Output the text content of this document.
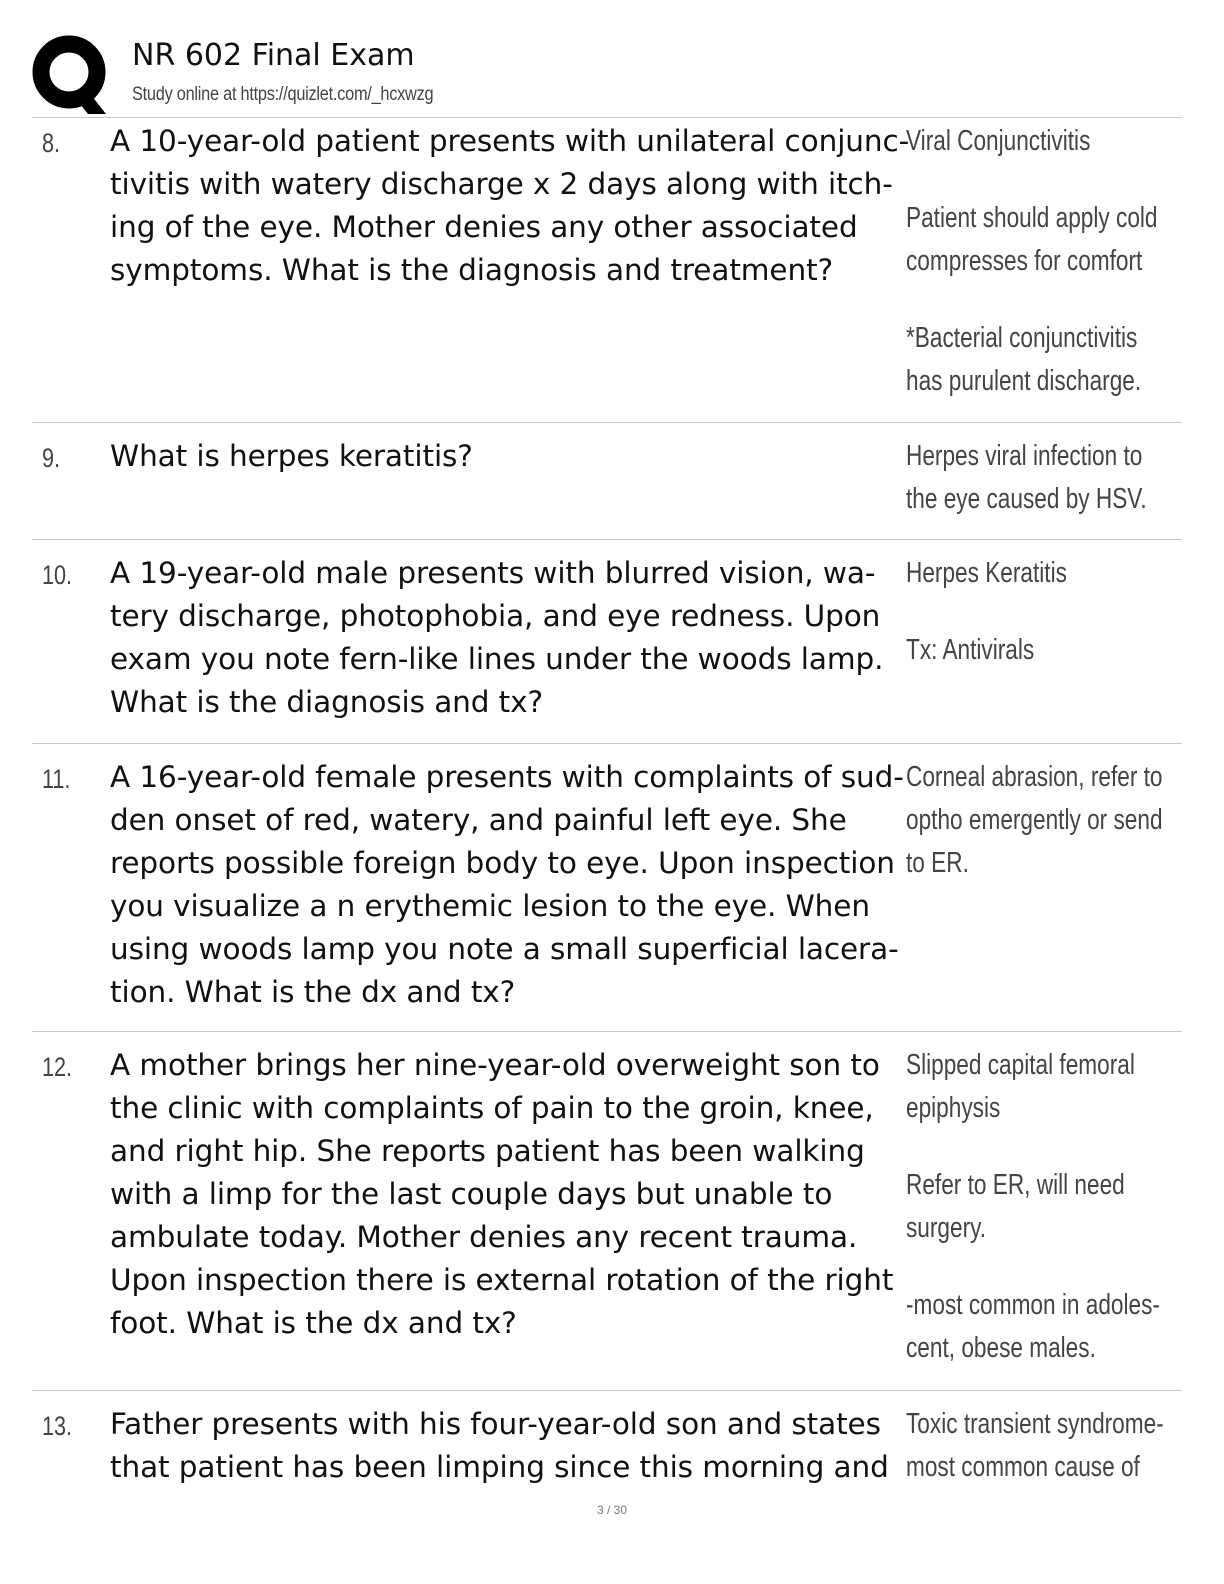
NR 602 Final Exam
Study online at https://quizlet.com/_hcxwzg
8. A 10-year-old patient presents with unilateral conjunc-
tivitis with watery discharge x 2 days along with itch-
ing of the eye. Mother denies any other associated
symptoms. What is the diagnosis and treatment?

Viral Conjunctivitis

Patient should apply cold
compresses for comfort

*Bacterial conjunctivitis
has purulent discharge.

9. What is herpes keratitis?	Herpes viral infection to
the eye caused by HSV.

10. A 19-year-old male presents with blurred vision, wa-
tery discharge, photophobia, and eye redness. Upon
exam you note fern-like lines under the woods lamp.
What is the diagnosis and tx?

Herpes Keratitis

Tx: Antivirals

11. A 16-year-old female presents with complaints of sud-
den onset of red, watery, and painful left eye. She
reports possible foreign body to eye. Upon inspection
you visualize a n erythemic lesion to the eye. When
using woods lamp you note a small superficial lacera-
tion. What is the dx and tx?

Corneal abrasion, refer to
optho emergently or send
to ER.

12. A mother brings her nine-year-old overweight son to
the clinic with complaints of pain to the groin, knee,
and right hip. She reports patient has been walking
with a limp for the last couple days but unable to
ambulate today. Mother denies any recent trauma.
Upon inspection there is external rotation of the right
foot. What is the dx and tx?

Slipped capital femoral
epiphysis

Refer to ER, will need
surgery.

-most common in adoles-
cent, obese males.

13. Father presents with his four-year-old son and states
that patient has been limping since this morning and

Toxic transient syndrome-
most common cause of

3 / 30
